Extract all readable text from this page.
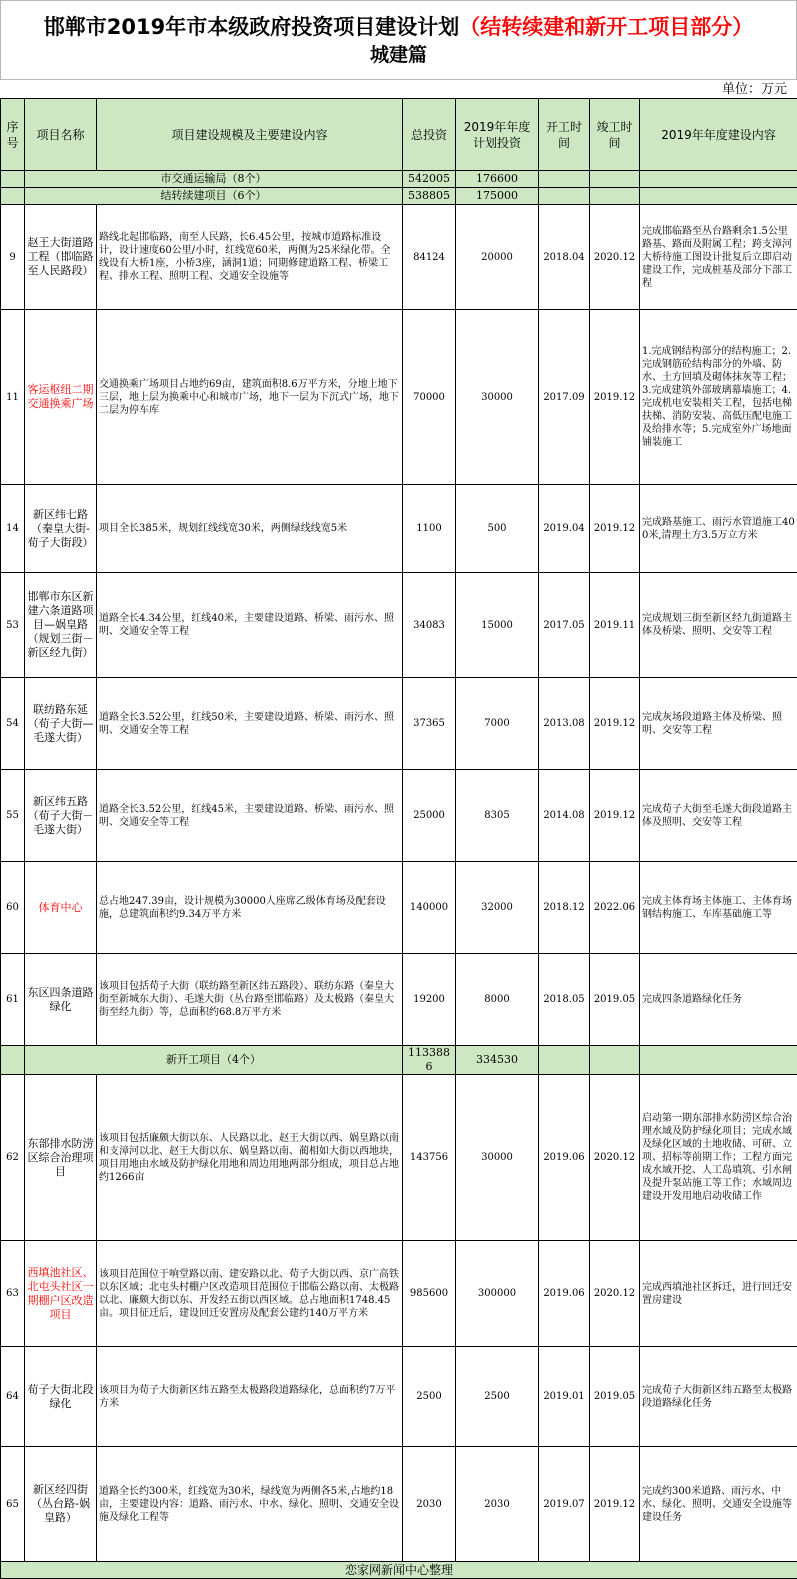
邯郸市2019年市本级政府投资项目建设计划（结转续建和新开工项目部分）
城建篇
单位：万元
序号	项目名称	项目建设规模及主要建设内容	总投资	2019年年度计划投资	开工时间	竣工时间	2019年年度建设内容
	市交通运输局（8个）		542005	176600			
	结转续建项目（6个）		538805	175000			
9	赵王大街道路工程（邯临路至人民路段）	路线北起邯临路，南至人民路，长6.45公里，按城市道路标准设计，设计速度60公里/小时，红线宽60米，两侧为25米绿化带。全线设有大桥1座，小桥3座，涵洞1道；同期修建道路工程、桥梁工程、排水工程、照明工程、交通安全设施等	84124	20000	2018.04	2020.12	完成邯临路至丛台路剩余1.5公里路基、路面及附属工程；跨支漳河大桥待施工图设计批复后立即启动建设工作，完成桩基及部分下部工程
11	客运枢纽二期交通换乘广场	交通换乘广场项目占地约69亩，建筑面积8.6万平方米，分地上地下三层，地上层为换乘中心和城市广场，地下一层为下沉式广场，地下二层为停车库	70000	30000	2017.09	2019.12	1.完成钢结构部分的结构施工；2.完成钢筋砼结构部分的外墙、防水、土方回填及砌体抹灰等工程；3.完成建筑外部玻璃幕墙施工；4.完成机电安装相关工程，包括电梯扶梯、消防安装、高低压配电施工及给排水等；5.完成室外广场地面铺装施工
14	新区纬七路（秦皇大街-荀子大街段）	项目全长385米，规划红线线宽30米，两侧绿线线宽5米	1100	500	2019.04	2019.12	完成路基施工、雨污水管道施工400米,清理土方3.5万立方米
53	邯郸市东区新建六条道路项目—娲皇路（规划三街－新区经九街）	道路全长4.34公里，红线40米，主要建设道路、桥梁、雨污水、照明、交通安全等工程	34083	15000	2017.05	2019.11	完成规划三街至新区经九街道路主体及桥梁、照明、交安等工程
54	联纺路东延（荀子大街—毛遂大街）	道路全长3.52公里，红线50米，主要建设道路、桥梁、雨污水、照明、交通安全等工程	37365	7000	2013.08	2019.12	完成灰场段道路主体及桥梁、照明、交安等工程
55	新区纬五路（荀子大街－毛遂大街）	道路全长3.52公里，红线45米，主要建设道路、桥梁、雨污水、照明、交通安全等工程	25000	8305	2014.08	2019.12	完成荀子大街至毛遂大街段道路主体及照明、交安等工程
60	体育中心	总占地247.39亩，设计规模为30000人座席乙级体育场及配套设施，总建筑面积约9.34万平方米	140000	32000	2018.12	2022.06	完成主体育场主体施工、主体育场钢结构施工、车库基础施工等
61	东区四条道路绿化	该项目包括荀子大街（联纺路至新区纬五路段）、联纺东路（秦皇大街至新城东大街）、毛遂大街（丛台路至邯临路）及太极路（秦皇大街至经九街）等，总面积约68.8万平方米	19200	8000	2018.05	2019.05	完成四条道路绿化任务
	新开工项目（4个）		1133886	334530			
62	东部排水防涝区综合治理项目	该项目包括廉颇大街以东、人民路以北、赵王大街以西、娲皇路以南和支漳河以北、赵王大街以东、娲皇路以南、蔺相如大街以西地块，项目用地由水域及防护绿化用地和周边用地两部分组成，项目总占地约1266亩	143756	30000	2019.06	2020.12	启动第一期东部排水防涝区综合治理水域及防护绿化项目；完成水域及绿化区域的土地收储、可研、立项、招标等前期工作；工程方面完成水域开挖、人工岛填筑、引水闸及提升泵站施工等工作；水域周边建设开发用地启动收储工作
63	西填池社区、北屯头社区一期棚户区改造项目	该项目范围位于响堂路以南、建安路以北、荀子大街以西、京广高铁以东区域；北屯头村棚户区改造项目范围位于邯临公路以南、太极路以北、廉颇大街以东、开发经五街以西区域。总占地面积1748.45亩。项目征迁后，建设回迁安置房及配套公建约140万平方米	985600	300000	2019.06	2020.12	完成西填池社区拆迁，进行回迁安置房建设
64	荀子大街北段绿化	该项目为荀子大街新区纬五路至太极路段道路绿化，总面积约7万平方米	2500	2500	2019.01	2019.05	完成荀子大街新区纬五路至太极路段道路绿化任务
65	新区经四街（丛台路-娲皇路）	道路全长约300米，红线宽为30米，绿线宽为两侧各5米,占地约18亩，主要建设内容：道路、雨污水、中水、绿化、照明、交通安全设施及绿化工程等	2030	2030	2019.07	2019.12	完成约300米道路、雨污水、中水、绿化、照明、交通安全设施等建设任务
恋家网新闻中心整理							
